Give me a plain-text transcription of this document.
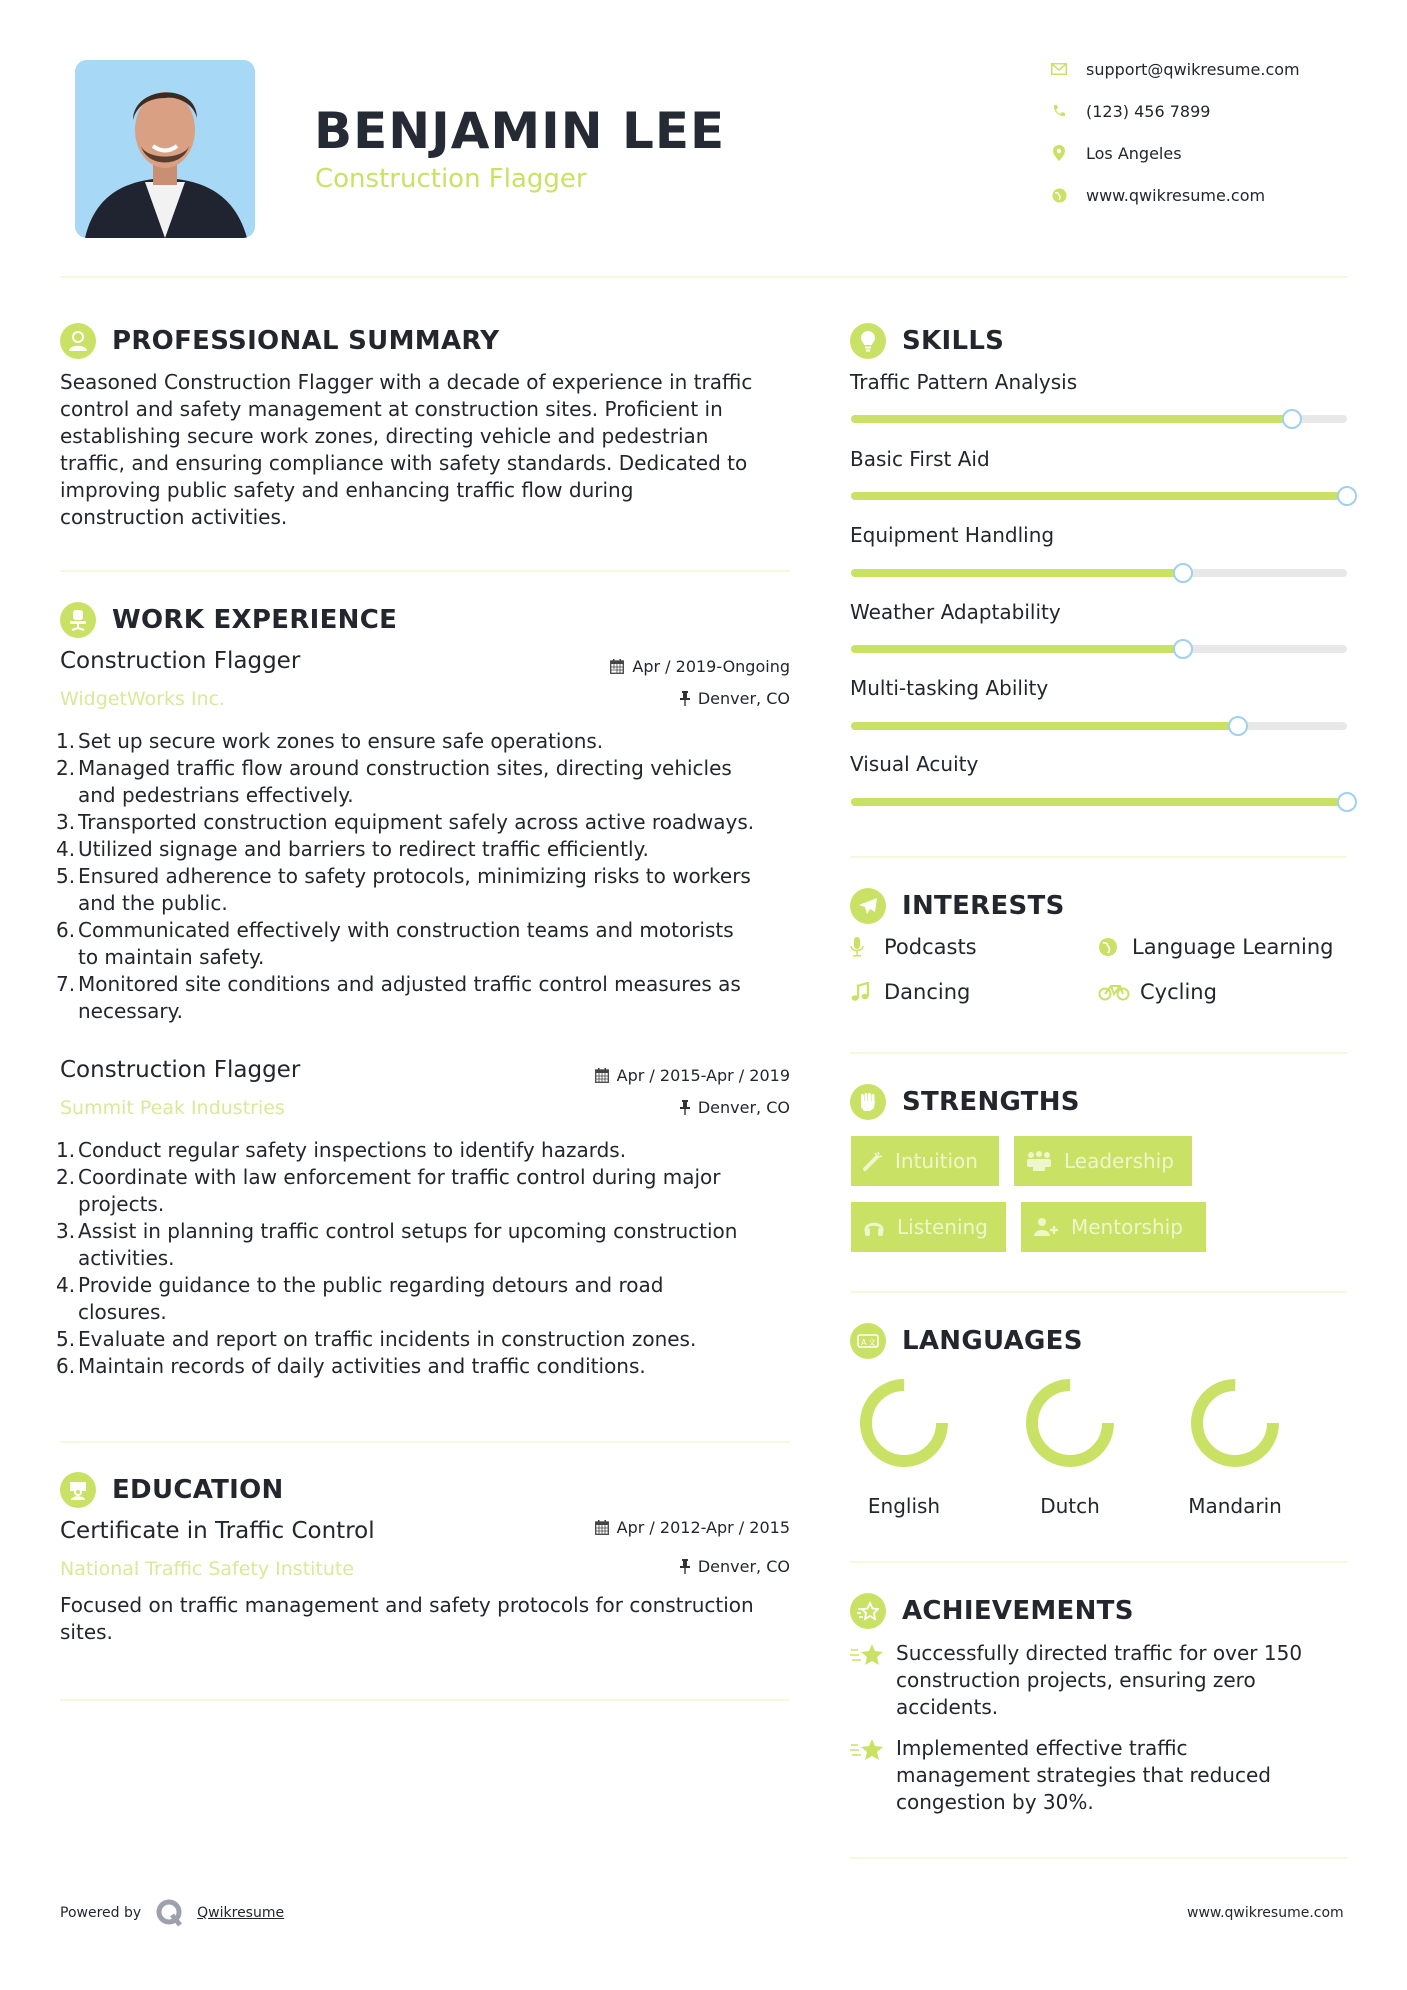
BENJAMIN LEE
Construction Flagger
support@qwikresume.com
(123) 456 7899
Los Angeles
www.qwikresume.com
PROFESSIONAL SUMMARY
Seasoned Construction Flagger with a decade of experience in traffic
control and safety management at construction sites. Proficient in
establishing secure work zones, directing vehicle and pedestrian
traffic, and ensuring compliance with safety standards. Dedicated to
improving public safety and enhancing traffic flow during
construction activities.
WORK EXPERIENCE
Construction Flagger
WidgetWorks Inc.
Apr / 2019-Ongoing
Denver, CO
1. Set up secure work zones to ensure safe operations.
2. Managed traffic flow around construction sites, directing vehicles
and pedestrians effectively.
3. Transported construction equipment safely across active roadways.
4. Utilized signage and barriers to redirect traffic efficiently.
5. Ensured adherence to safety protocols, minimizing risks to workers
and the public.
6. Communicated effectively with construction teams and motorists
to maintain safety.
7. Monitored site conditions and adjusted traffic control measures as
necessary.
Construction Flagger
Summit Peak Industries
Apr / 2015-Apr / 2019
Denver, CO
1. Conduct regular safety inspections to identify hazards.
2. Coordinate with law enforcement for traffic control during major
projects.
3. Assist in planning traffic control setups for upcoming construction
activities.
4. Provide guidance to the public regarding detours and road
closures.
5. Evaluate and report on traffic incidents in construction zones.
6. Maintain records of daily activities and traffic conditions.
EDUCATION
Certificate in Traffic Control
National Traffic Safety Institute
Apr / 2012-Apr / 2015
Denver, CO
Focused on traffic management and safety protocols for construction
sites.
SKILLS
Traffic Pattern Analysis
Basic First Aid
Equipment Handling
Weather Adaptability
Multi-tasking Ability
Visual Acuity
INTERESTS
Podcasts	Language Learning
Dancing	Cycling
STRENGTHS
Intuition	Leadership
Listening	Mentorship
A 文 LANGUAGES
English	Dutch	Mandarin
ACHIEVEMENTS
Successfully directed traffic for over 150
construction projects, ensuring zero
accidents.
Implemented effective traffic
management strategies that reduced
congestion by 30%.
Powered by	Qwikresume	www.qwikresume.com
